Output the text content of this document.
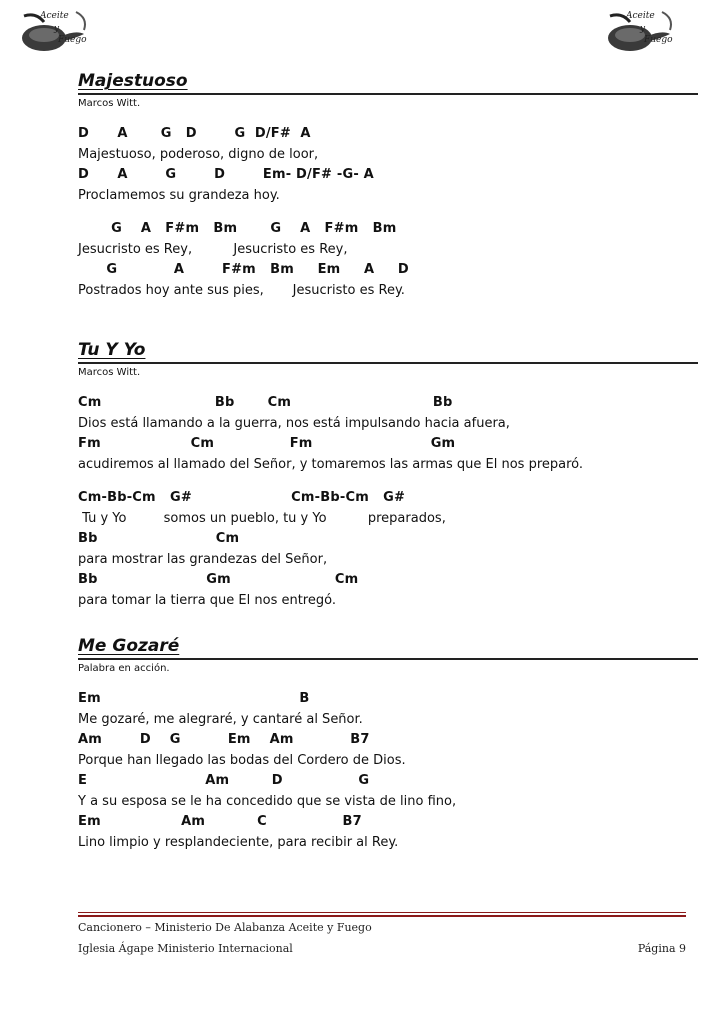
Aceite
y
Fuego
Aceite
y
Fuego
Majestuoso

Marcos Witt.

D      A       G   D        G  D/F#  A

Majestuoso, poderoso, digno de loor,

D      A        G        D        Em- D/F# -G- A

Proclamemos su grandeza hoy.

G    A   F#m   Bm       G    A   F#m   Bm

Jesucristo es Rey,          Jesucristo es Rey,

G            A        F#m   Bm     Em     A     D

Postrados hoy ante sus pies,       Jesucristo es Rey.

Tu Y Yo

Marcos Witt.

Cm                        Bb       Cm                              Bb

Dios está llamando a la guerra, nos está impulsando hacia afuera,

Fm                   Cm                Fm                         Gm

acudiremos al llamado del Señor, y tomaremos las armas que El nos preparó.

Cm-Bb-Cm   G#                     Cm-Bb-Cm   G#

Tu y Yo         somos un pueblo, tu y Yo          preparados,

Bb                         Cm

para mostrar las grandezas del Señor,

Bb                       Gm                      Cm

para tomar la tierra que El nos entregó.

Me Gozaré

Palabra en acción.

Em                                          B

Me gozaré, me alegraré, y cantaré al Señor.

Am        D    G          Em    Am            B7

Porque han llegado las bodas del Cordero de Dios.

E                         Am         D                G

Y a su esposa se le ha concedido que se vista de lino fino,

Em                 Am           C                B7

Lino limpio y resplandeciente, para recibir al Rey.

Cancionero – Ministerio De Alabanza Aceite y Fuego
Iglesia Ágape Ministerio Internacional	Página 9
